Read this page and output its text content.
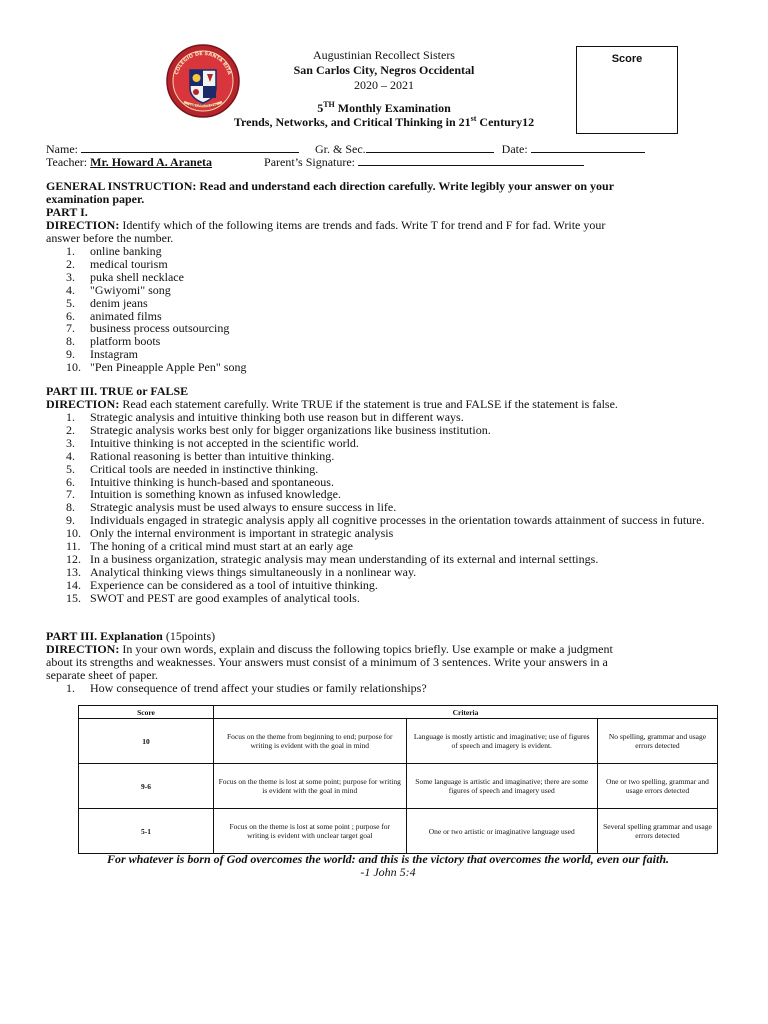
COLEGIO DE SANTA RITA
SAN CARLOS CITY
Augustinian Recollect Sisters
San Carlos City, Negros Occidental
2020 – 2021
5TH Monthly Examination
Trends, Networks, and Critical Thinking in 21st Century12
Score
Name:	Gr. & Sec.	Date:
Teacher: Mr. Howard A. Araneta	Parent’s Signature:
GENERAL INSTRUCTION: Read and understand each direction carefully. Write legibly your answer on your
examination paper.
PART I.
DIRECTION: Identify which of the following items are trends and fads. Write T for trend and F for fad. Write your
answer before the number.
1. online banking
2. medical tourism
3. puka shell necklace
4. "Gwiyomi" song
5. denim jeans
6. animated films
7. business process outsourcing
8. platform boots
9. Instagram
10. "Pen Pineapple Apple Pen" song
PART III. TRUE or FALSE
DIRECTION: Read each statement carefully. Write TRUE if the statement is true and FALSE if the statement is false.
1. Strategic analysis and intuitive thinking both use reason but in different ways.
2. Strategic analysis works best only for bigger organizations like business institution.
3. Intuitive thinking is not accepted in the scientific world.
4. Rational reasoning is better than intuitive thinking.
5. Critical tools are needed in instinctive thinking.
6. Intuitive thinking is hunch-based and spontaneous.
7. Intuition is something known as infused knowledge.
8. Strategic analysis must be used always to ensure success in life.
9. Individuals engaged in strategic analysis apply all cognitive processes in the orientation towards attainment of success in future.
10. Only the internal environment is important in strategic analysis
11. The honing of a critical mind must start at an early age
12. In a business organization, strategic analysis may mean understanding of its external and internal settings.
13. Analytical thinking views things simultaneously in a nonlinear way.
14. Experience can be considered as a tool of intuitive thinking.
15. SWOT and PEST are good examples of analytical tools.
PART III. Explanation (15points)
DIRECTION: In your own words, explain and discuss the following topics briefly. Use example or make a judgment
about its strengths and weaknesses. Your answers must consist of a minimum of 3 sentences. Write your answers in a
separate sheet of paper.
1. How consequence of trend affect your studies or family relationships?
Score	Criteria		
10	Focus on the theme from beginning to end; purpose for writing is evident with the goal in mind	Language is mostly artistic and imaginative; use of figures of speech and imagery is evident.	No spelling, grammar and usage errors detected
9-6	Focus on the theme is lost at some point; purpose for writing is evident with the goal in mind	Some language is artistic and imaginative; there are some figures of speech and imagery used	One or two spelling, grammar and usage errors detected
5-1	Focus on the theme is lost at some point ; purpose for writing is evident with unclear target goal	One or two artistic or imaginative language used	Several spelling grammar and usage errors detected
For whatever is born of God overcomes the world: and this is the victory that overcomes the world, even our faith.
-1 John 5:4
